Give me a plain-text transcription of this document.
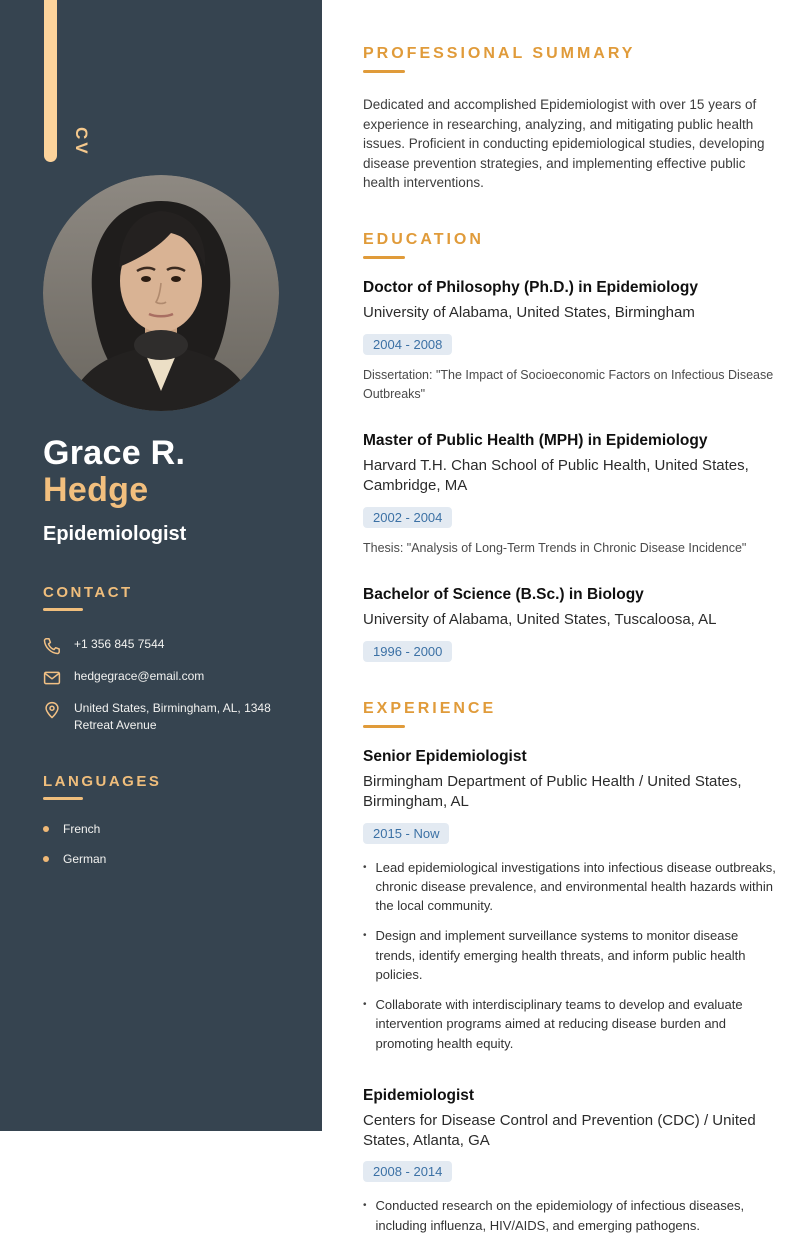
CV
Grace R.
Hedge
Epidemiologist
CONTACT
+1 356 845 7544
hedgegrace@email.com
United States, Birmingham, AL, 1348 Retreat Avenue
LANGUAGES
French
German
PROFESSIONAL SUMMARY

Dedicated and accomplished Epidemiologist with over 15 years of experience in researching, analyzing, and mitigating public health issues. Proficient in conducting epidemiological studies, developing disease prevention strategies, and implementing effective public health interventions.

EDUCATION
Doctor of Philosophy (Ph.D.) in Epidemiology
University of Alabama, United States, Birmingham
2004 - 2008
Dissertation: "The Impact of Socioeconomic Factors on Infectious Disease Outbreaks"
Master of Public Health (MPH) in Epidemiology
Harvard T.H. Chan School of Public Health, United States, Cambridge, MA
2002 - 2004
Thesis: "Analysis of Long-Term Trends in Chronic Disease Incidence"
Bachelor of Science (B.Sc.) in Biology
University of Alabama, United States, Tuscaloosa, AL
1996 - 2000
EXPERIENCE
Senior Epidemiologist
Birmingham Department of Public Health / United States, Birmingham, AL
2015 - Now
• Lead epidemiological investigations into infectious disease outbreaks, chronic disease prevalence, and environmental health hazards within the local community.
• Design and implement surveillance systems to monitor disease trends, identify emerging health threats, and inform public health policies.
• Collaborate with interdisciplinary teams to develop and evaluate intervention programs aimed at reducing disease burden and promoting health equity.
Epidemiologist
Centers for Disease Control and Prevention (CDC) / United States, Atlanta, GA
2008 - 2014
• Conducted research on the epidemiology of infectious diseases, including influenza, HIV/AIDS, and emerging pathogens.
